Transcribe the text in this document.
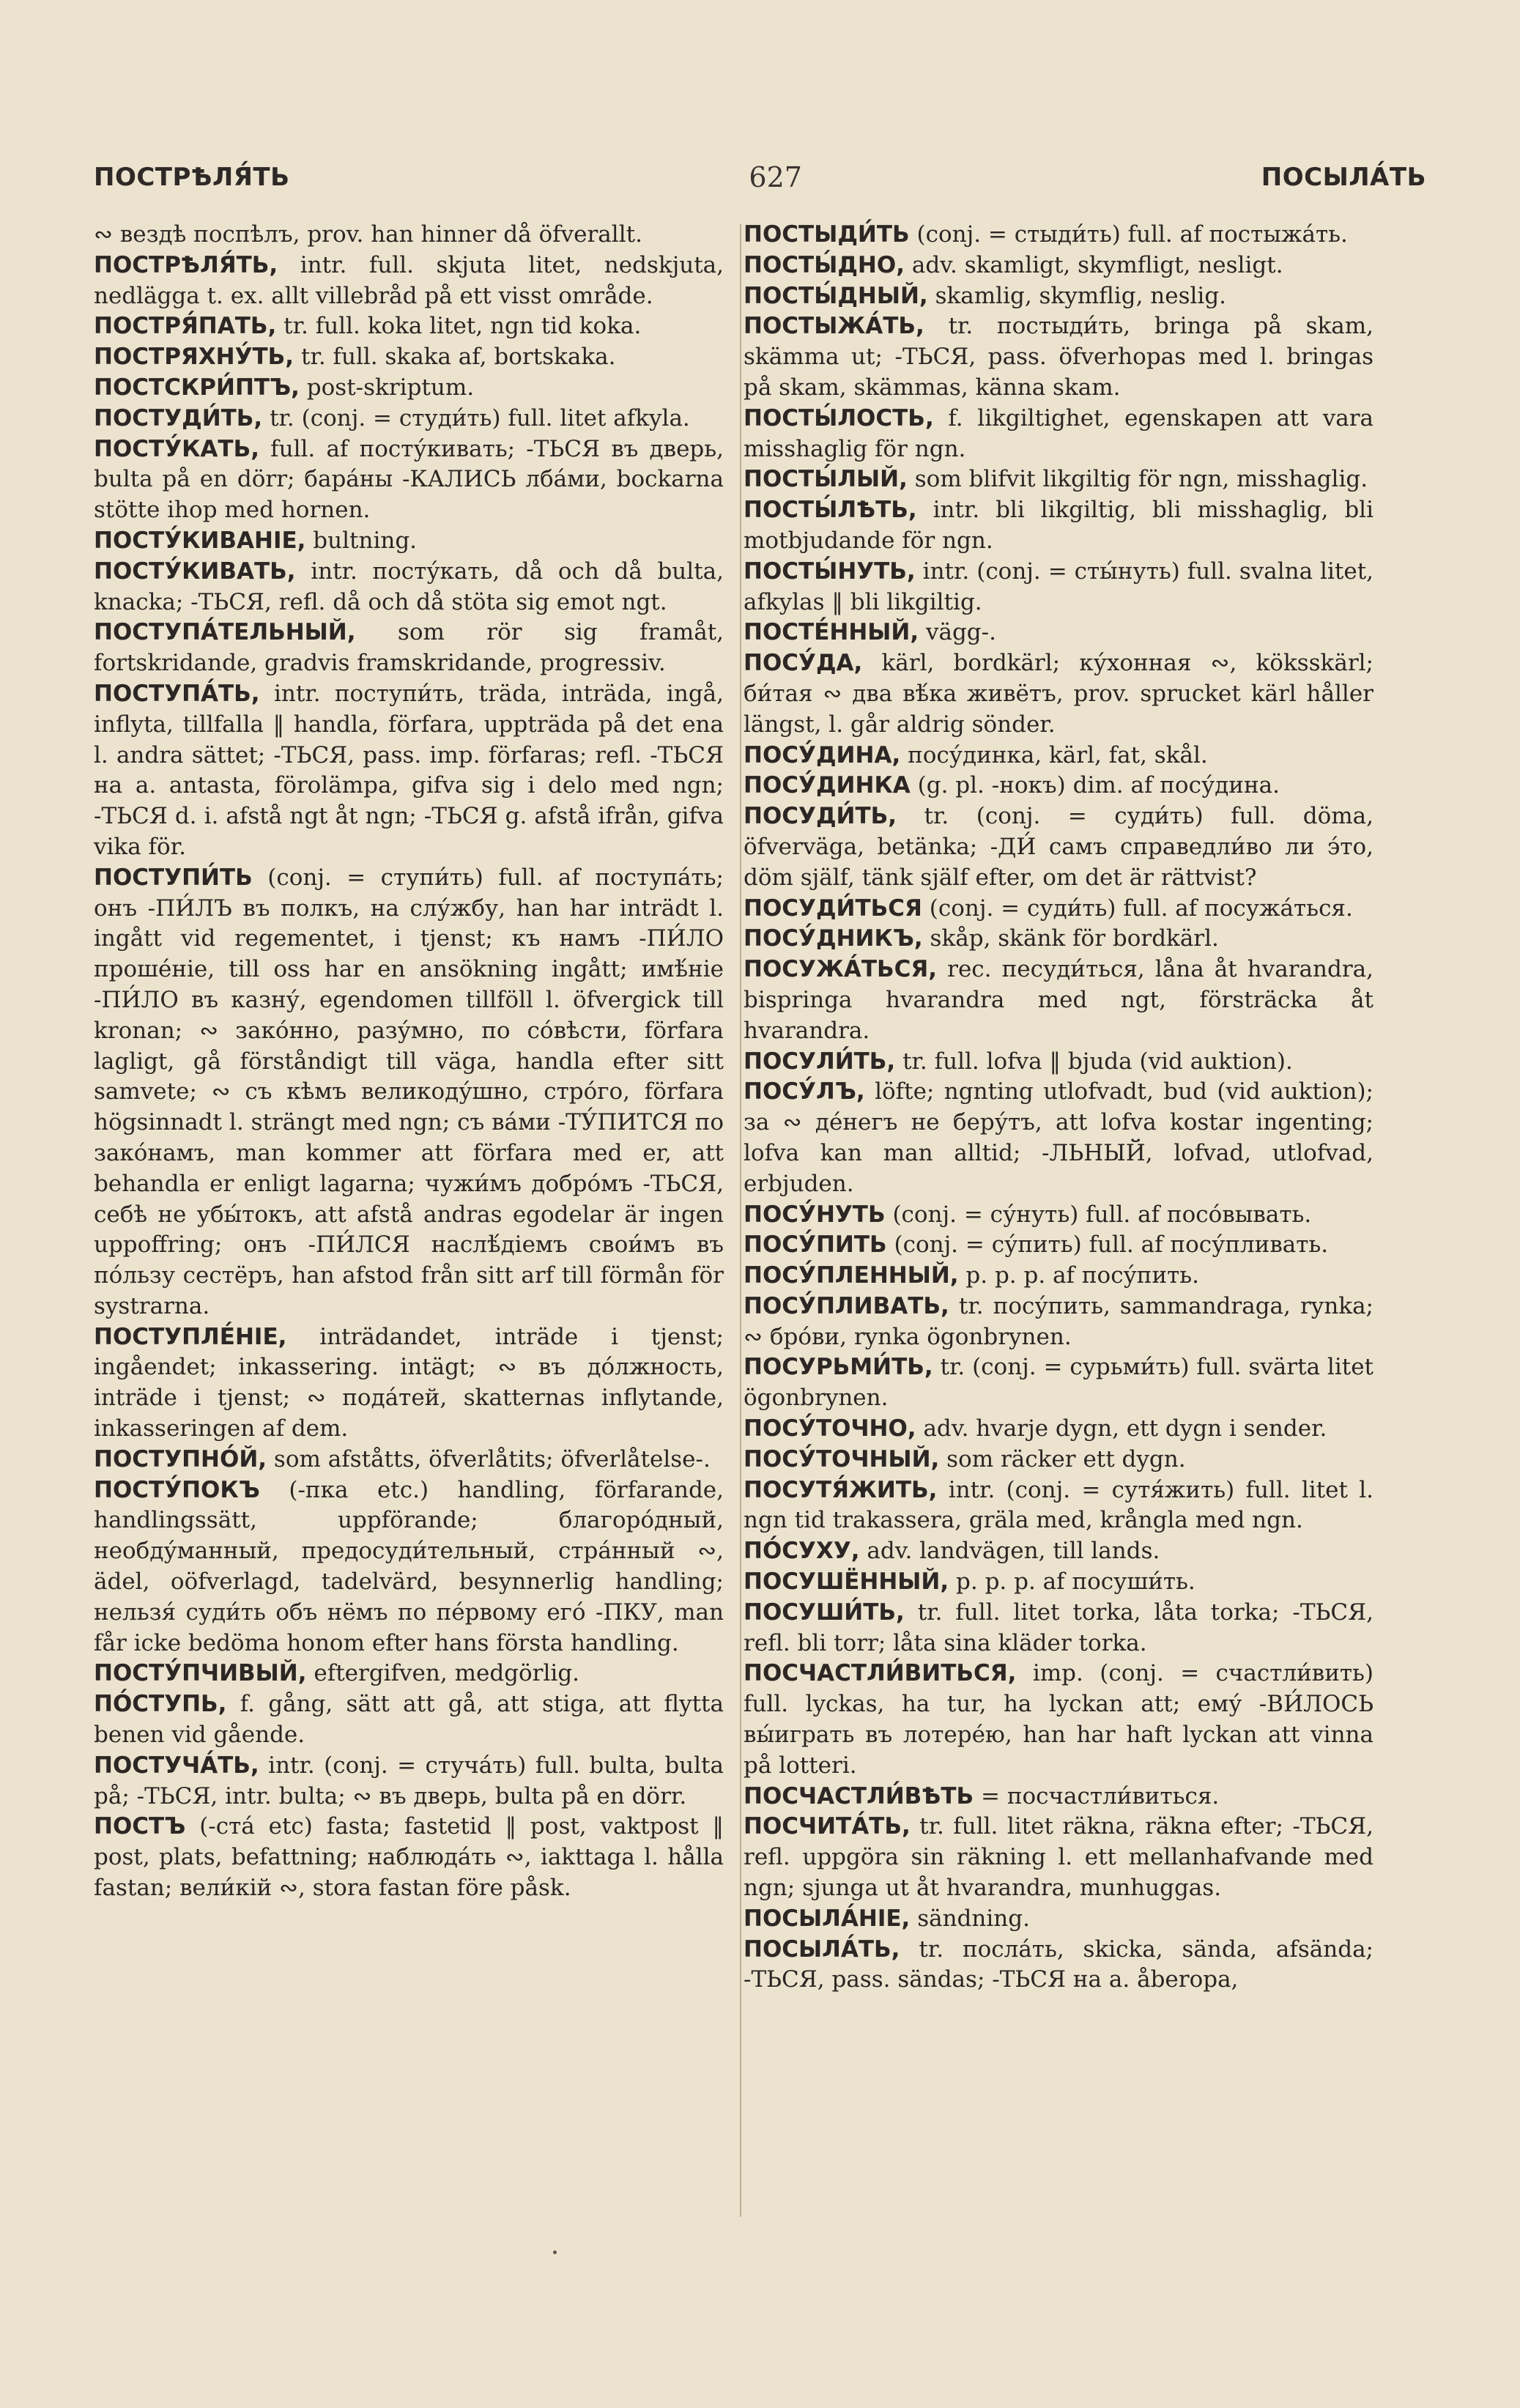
ПОСТРѢЛЯ́ТЬ	627	ПОСЫЛА́ТЬ

∾ вездѣ поспѣлъ, prov. han hinner då öfverallt.

ПОСТРѢЛЯ́ТЬ, intr. full. skjuta litet, nedskjuta, nedlägga t. ex. allt villebråd på ett visst område.

ПОСТРЯ́ПАТЬ, tr. full. koka litet, ngn tid koka.

ПОСТРЯХНУ́ТЬ, tr. full. skaka af, bortskaka.

ПОСТСКРИ́ПТЪ, post-skriptum.

ПОСТУДИ́ТЬ, tr. (conj. = студи́ть) full. litet afkyla.

ПОСТУ́КАТЬ, full. af посту́кивать; -ТЬСЯ въ дверь, bulta på en dörr; бара́ны -КАЛИСЬ лба́ми, bockarna stötte ihop med hornen.

ПОСТУ́КИВАНІЕ, bultning.

ПОСТУ́КИВАТЬ, intr. посту́кать, då och då bulta, knacka; -ТЬСЯ, refl. då och då stöta sig emot ngt.

ПОСТУПА́ТЕЛЬНЫЙ, som rör sig framåt, fortskridande, gradvis framskridande, progressiv.

ПОСТУПА́ТЬ, intr. поступи́ть, träda, inträda, ingå, inflyta, tillfalla ‖ handla, förfara, uppträda på det ena l. andra sättet; -ТЬСЯ, pass. imp. förfaras; refl. -ТЬСЯ на a. antasta, förolämpa, gifva sig i delo med ngn; -ТЬСЯ d. i. afstå ngt åt ngn; -ТЬСЯ g. afstå ifrån, gifva vika för.

ПОСТУПИ́ТЬ (conj. = ступи́ть) full. af поступа́ть; онъ -ПИ́ЛЪ въ полкъ, на слу́жбу, han har inträdt l. ingått vid regementet, i tjenst; къ намъ -ПИ́ЛО проше́ніе, till oss har en ansökning ingått; имѣ́ніе -ПИ́ЛО въ казну́, egendomen tillföll l. öfvergick till kronan; ∾ зако́нно, разу́мно, по со́вѣсти, förfara lagligt, gå förståndigt till väga, handla efter sitt samvete; ∾ съ кѣмъ великоду́шно, стро́го, förfara högsinnadt l. strängt med ngn; съ ва́ми -ТУ́ПИТСЯ по зако́намъ, man kommer att förfara med er, att behandla er enligt lagarna; чужи́мъ добро́мъ -ТЬСЯ, себѣ не убы́токъ, att afstå andras egodelar är ingen uppoffring; онъ -ПИ́ЛСЯ наслѣ́діемъ свои́мъ въ по́льзу сестёръ, han afstod från sitt arf till förmån för systrarna.

ПОСТУПЛЕ́НІЕ, inträdandet, inträde i tjenst; ingåendet; inkassering. intägt; ∾ въ до́лжность, inträde i tjenst; ∾ пода́тей, skatternas inflytande, inkasseringen af dem.

ПОСТУПНО́Й, som afståtts, öfverlåtits; öfverlåtelse-.

ПОСТУ́ПОКЪ (-пка etc.) handling, förfarande, handlingssätt, uppförande; благоро́дный, необду́манный, предосуди́тельный, стра́нный ∾, ädel, oöfverlagd, tadelvärd, besynnerlig handling; нельзя́ суди́ть объ нёмъ по пе́рвому его́ -ПКУ, man får icke bedöma honom efter hans första handling.

ПОСТУ́ПЧИВЫЙ, eftergifven, medgörlig.

ПО́СТУПЬ, f. gång, sätt att gå, att stiga, att flytta benen vid gående.

ПОСТУЧА́ТЬ, intr. (conj. = стуча́ть) full. bulta, bulta på; -ТЬСЯ, intr. bulta; ∾ въ дверь, bulta på en dörr.

ПОСТЪ (-ста́ etc) fasta; fastetid ‖ post, vaktpost ‖ post, plats, befattning; наблюда́ть ∾, iakttaga l. hålla fastan; вели́кій ∾, stora fastan före påsk.

ПОСТЫДИ́ТЬ (conj. = стыди́ть) full. af постыжа́ть.

ПОСТЫ́ДНО, adv. skamligt, skymfligt, nesligt.

ПОСТЫ́ДНЫЙ, skamlig, skymflig, neslig.

ПОСТЫЖА́ТЬ, tr. постыди́ть, bringa på skam, skämma ut; -ТЬСЯ, pass. öfverhopas med l. bringas på skam, skämmas, känna skam.

ПОСТЫ́ЛОСТЬ, f. likgiltighet, egenskapen att vara misshaglig för ngn.

ПОСТЫ́ЛЫЙ, som blifvit likgiltig för ngn, misshaglig.

ПОСТЫ́ЛѢТЬ, intr. bli likgiltig, bli misshaglig, bli motbjudande för ngn.

ПОСТЫ́НУТЬ, intr. (conj. = сты́нуть) full. svalna litet, afkylas ‖ bli likgiltig.

ПОСТЕ́ННЫЙ, vägg-.

ПОСУ́ДА, kärl, bordkärl; ку́хонная ∾, köksskärl; би́тая ∾ два вѣ́ка живётъ, prov. sprucket kärl håller längst, l. går aldrig sönder.

ПОСУ́ДИНА, посу́динка, kärl, fat, skål.

ПОСУ́ДИНКА (g. pl. -нокъ) dim. af посу́дина.

ПОСУДИ́ТЬ, tr. (conj. = суди́ть) full. döma, öfverväga, betänka; -ДИ́ самъ справедли́во ли э́то, döm själf, tänk själf efter, om det är rättvist?

ПОСУДИ́ТЬСЯ (conj. = суди́ть) full. af посужа́ться.

ПОСУ́ДНИКЪ, skåp, skänk för bordkärl.

ПОСУЖА́ТЬСЯ, rec. песуди́ться, låna åt hvarandra, bispringa hvarandra med ngt, försträcka åt hvarandra.

ПОСУЛИ́ТЬ, tr. full. lofva ‖ bjuda (vid auktion).

ПОСУ́ЛЪ, löfte; ngnting utlofvadt, bud (vid auktion); за ∾ де́негъ не беру́тъ, att lofva kostar ingenting; lofva kan man alltid; -ЛЬНЫЙ, lofvad, utlofvad, erbjuden.

ПОСУ́НУТЬ (conj. = су́нуть) full. af посо́вывать.

ПОСУ́ПИТЬ (conj. = су́пить) full. af посу́пливать.

ПОСУ́ПЛЕННЫЙ, p. p. p. af посу́пить.

ПОСУ́ПЛИВАТЬ, tr. посу́пить, sammandraga, rynka; ∾ бро́ви, rynka ögonbrynen.

ПОСУРЬМИ́ТЬ, tr. (conj. = сурьми́ть) full. svärta litet ögonbrynen.

ПОСУ́ТОЧНО, adv. hvarje dygn, ett dygn i sender.

ПОСУ́ТОЧНЫЙ, som räcker ett dygn.

ПОСУТЯ́ЖИТЬ, intr. (conj. = сутя́жить) full. litet l. ngn tid trakassera, gräla med, krångla med ngn.

ПО́СУХУ, adv. landvägen, till lands.

ПОСУШЁННЫЙ, p. p. p. af посуши́ть.

ПОСУШИ́ТЬ, tr. full. litet torka, låta torka; -ТЬСЯ, refl. bli torr; låta sina kläder torka.

ПОСЧАСТЛИ́ВИТЬСЯ, imp. (conj. = счастли́вить) full. lyckas, ha tur, ha lyckan att; ему́ -ВИ́ЛОСЬ вы́играть въ лотере́ю, han har haft lyckan att vinna på lotteri.

ПОСЧАСТЛИ́ВѢТЬ = посчастли́виться.

ПОСЧИТА́ТЬ, tr. full. litet räkna, räkna efter; -ТЬСЯ, refl. uppgöra sin räkning l. ett mellanhafvande med ngn; sjunga ut åt hvarandra, munhuggas.

ПОСЫЛА́НІЕ, sändning.

ПОСЫЛА́ТЬ, tr. посла́ть, skicka, sända, afsända; -ТЬСЯ, pass. sändas; -ТЬСЯ на a. åberopa,
